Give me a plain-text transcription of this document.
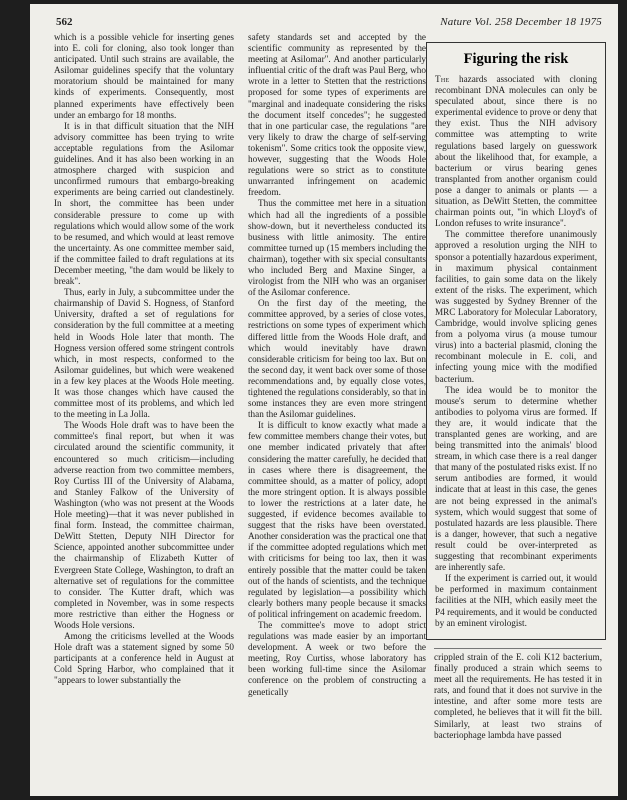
562	Nature Vol. 258 December 18 1975

which is a possible vehicle for inserting genes into E. coli for cloning, also took longer than anticipated. Until such strains are available, the Asilomar guidelines specify that the voluntary moratorium should be maintained for many kinds of experiments. Consequently, most planned experiments have effectively been under an embargo for 18 months.

It is in that difficult situation that the NIH advisory committee has been trying to write acceptable regulations from the Asilomar guidelines. And it has also been working in an atmosphere charged with suspicion and unconfirmed rumours that embargo-breaking experiments are being carried out clandestinely. In short, the committee has been under considerable pressure to come up with regulations which would allow some of the work to be resumed, and which would at least remove the uncertainty. As one committee member said, if the committee failed to draft regulations at its December meeting, "the dam would be likely to break".

Thus, early in July, a subcommittee under the chairmanship of David S. Hogness, of Stanford University, drafted a set of regulations for consideration by the full committee at a meeting held in Woods Hole later that month. The Hogness version offered some stringent controls which, in most respects, conformed to the Asilomar guidelines, but which were weakened in a few key places at the Woods Hole meeting. It was those changes which have caused the committee most of its problems, and which led to the meeting in La Jolla.

The Woods Hole draft was to have been the committee's final report, but when it was circulated around the scientific community, it encountered so much criticism—including adverse reaction from two committee members, Roy Curtiss III of the University of Alabama, and Stanley Falkow of the University of Washington (who was not present at the Woods Hole meeting)—that it was never published in final form. Instead, the committee chairman, DeWitt Stetten, Deputy NIH Director for Science, appointed another subcommittee under the chairmanship of Elizabeth Kutter of Evergreen State College, Washington, to draft an alternative set of regulations for the committee to consider. The Kutter draft, which was completed in November, was in some respects more restrictive than either the Hogness or Woods Hole versions.

Among the criticisms levelled at the Woods Hole draft was a statement signed by some 50 participants at a conference held in August at Cold Spring Harbor, who complained that it "appears to lower substantially the

safety standards set and accepted by the scientific community as represented by the meeting at Asilomar". And another particularly influential critic of the draft was Paul Berg, who wrote in a letter to Stetten that the restrictions proposed for some types of experiments are "marginal and inadequate considering the risks the document itself concedes"; he suggested that in one particular case, the regulations "are very likely to draw the charge of self-serving tokenism". Some critics took the opposite view, however, suggesting that the Woods Hole regulations were so strict as to constitute unwarranted infringement on academic freedom.

Thus the committee met here in a situation which had all the ingredients of a possible show-down, but it nevertheless conducted its business with little animosity. The entire committee turned up (15 members including the chairman), together with six special consultants who included Berg and Maxine Singer, a virologist from the NIH who was an organiser of the Asilomar conference.

On the first day of the meeting, the committee approved, by a series of close votes, restrictions on some types of experiment which differed little from the Woods Hole draft, and which would inevitably have drawn considerable criticism for being too lax. But on the second day, it went back over some of those recommendations and, by equally close votes, tightened the regulations considerably, so that in some instances they are even more stringent than the Asilomar guidelines.

It is difficult to know exactly what made a few committee members change their votes, but one member indicated privately that after considering the matter carefully, he decided that in cases where there is disagreement, the committee should, as a matter of policy, adopt the more stringent option. It is always possible to lower the restrictions at a later date, he suggested, if evidence becomes available to suggest that the risks have been overstated. Another consideration was the practical one that if the committee adopted regulations which met with criticisms for being too lax, then it was entirely possible that the matter could be taken out of the hands of scientists, and the technique regulated by legislation—a possibility which clearly bothers many people because it smacks of political infringement on academic freedom.

The committee's move to adopt strict regulations was made easier by an important development. A week or two before the meeting, Roy Curtiss, whose laboratory has been working full-time since the Asilomar conference on the problem of constructing a genetically

Figuring the risk

The hazards associated with cloning recombinant DNA molecules can only be speculated about, since there is no experimental evidence to prove or deny that they exist. Thus the NIH advisory committee was attempting to write regulations based largely on guesswork about the likelihood that, for example, a bacterium or virus bearing genes transplanted from another organism could pose a danger to animals or plants — a situation, as DeWitt Stetten, the committee chairman points out, "in which Lloyd's of London refuses to write insurance".

The committee therefore unanimously approved a resolution urging the NIH to sponsor a potentially hazardous experiment, in maximum physical containment facilities, to gain some data on the likely extent of the risks. The experiment, which was suggested by Sydney Brenner of the MRC Laboratory for Molecular Laboratory, Cambridge, would involve splicing genes from a polyoma virus (a mouse tumour virus) into a bacterial plasmid, cloning the recombinant molecule in E. coli, and infecting young mice with the modified bacterium.

The idea would be to monitor the mouse's serum to determine whether antibodies to polyoma virus are formed. If they are, it would indicate that the transplanted genes are working, and are being transmitted into the animals' blood stream, in which case there is a real danger that many of the postulated risks exist. If no serum antibodies are formed, it would indicate that at least in this case, the genes are not being expressed in the animal's system, which would suggest that some of postulated hazards are less plausible. There is a danger, however, that such a negative result could be over-interpreted as suggesting that recombinant experiments are inherently safe.

If the experiment is carried out, it would be performed in maximum containment facilities at the NIH, which easily meet the P4 requirements, and it would be conducted by an eminent virologist.

crippled strain of the E. coli K12 bacterium, finally produced a strain which seems to meet all the requirements. He has tested it in rats, and found that it does not survive in the intestine, and after some more tests are completed, he believes that it will fit the bill. Similarly, at least two strains of bacteriophage lambda have passed
